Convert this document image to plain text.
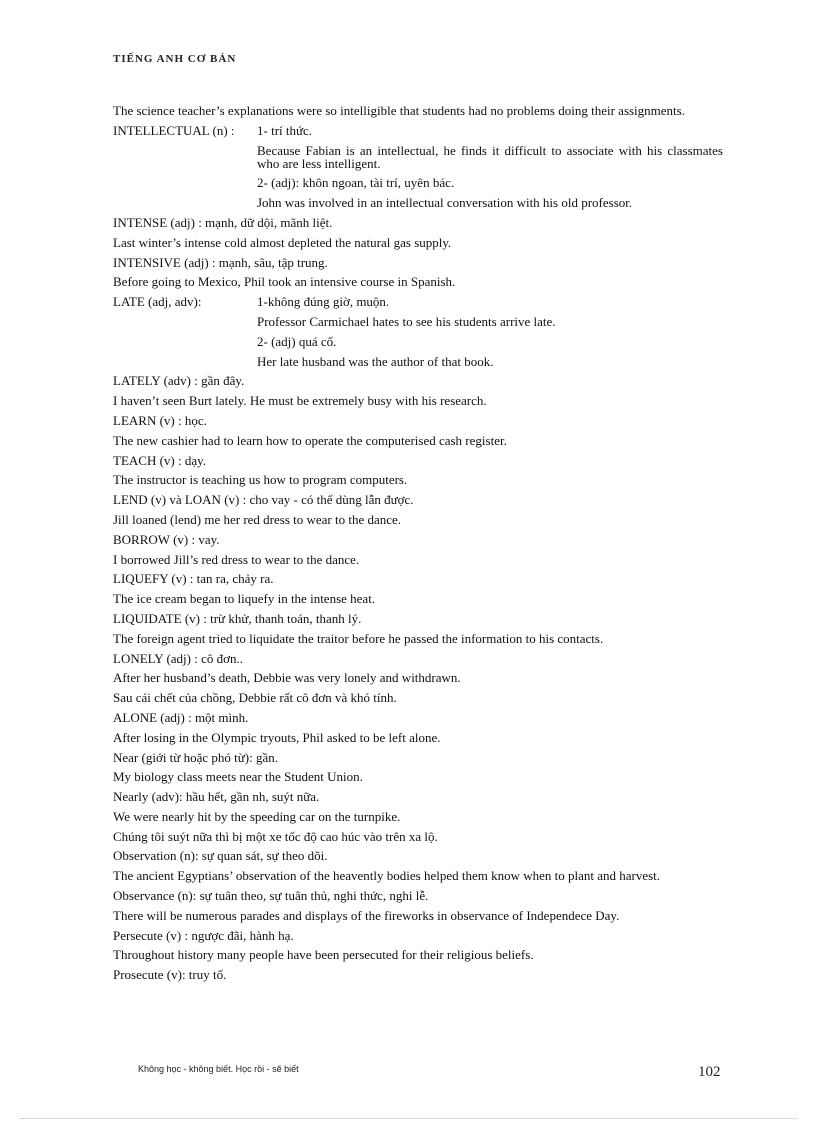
TIẾNG ANH CƠ BẢN
The science teacher’s explanations were so intelligible that students had no problems doing their assignments.
INTELLECTUAL (n) :	1- trí thức.
Because Fabian is an intellectual, he finds it difficult to associate with his classmates who are less intelligent.
2- (adj): khôn ngoan, tài trí, uyên bác.
John was involved in an intellectual conversation with his old professor.
INTENSE (adj) : mạnh, dữ dội, mãnh liệt.
Last winter’s intense cold almost depleted the natural gas supply.
INTENSIVE (adj) : mạnh, sâu, tập trung.
Before going to Mexico, Phil took an intensive course in Spanish.
LATE (adj, adv):	1-không đúng giờ, muộn.
Professor Carmichael hates to see his students arrive late.
2- (adj) quá cố.
Her late husband was the author of that book.
LATELY (adv) : gần đây.
I haven’t seen Burt lately. He must be extremely busy with his research.
LEARN (v) : học.
The new cashier had to learn how to operate the computerised cash register.
TEACH (v) : dạy.
The instructor is teaching us how to program computers.
LEND (v) và LOAN (v) : cho vay - có thể dùng lẫn được.
Jill loaned (lend) me her red dress to wear to the dance.
BORROW (v) : vay.
I borrowed Jill’s red dress to wear to the dance.
LIQUEFY (v) : tan ra, chảy ra.
The ice cream began to liquefy in the intense heat.
LIQUIDATE (v) : trừ khử, thanh toán, thanh lý.
The foreign agent tried to liquidate the traitor before he passed the information to his contacts.
LONELY (adj) : cô đơn..
After her husband’s death, Debbie was very lonely and withdrawn.
Sau cái chết của chồng, Debbie rất cô đơn và khó tính.
ALONE (adj) : một mình.
After losing in the Olympic tryouts, Phil asked to be left alone.
Near (giới từ hoặc phó từ): gần.
My biology class meets near the Student Union.
Nearly (adv): hầu hết, gần nh, suýt nữa.
We were nearly hit by the speeding car on the turnpike.
Chúng tôi suýt nữa thì bị một xe tốc độ cao húc vào trên xa lộ.
Observation (n): sự quan sát, sự theo dõi.
The ancient Egyptians’ observation of the heavently bodies helped them know when to plant and harvest.
Observance (n): sự tuân theo, sự tuân thủ, nghi thức, nghi lễ.
There will be numerous parades and displays of the fireworks in observance of Independece Day.
Persecute (v) : ngược đãi, hành hạ.
Throughout history many people have been persecuted for their religious beliefs.
Prosecute (v): truy tố.
Không học - không biết. Học rồi - sẽ biết	102
